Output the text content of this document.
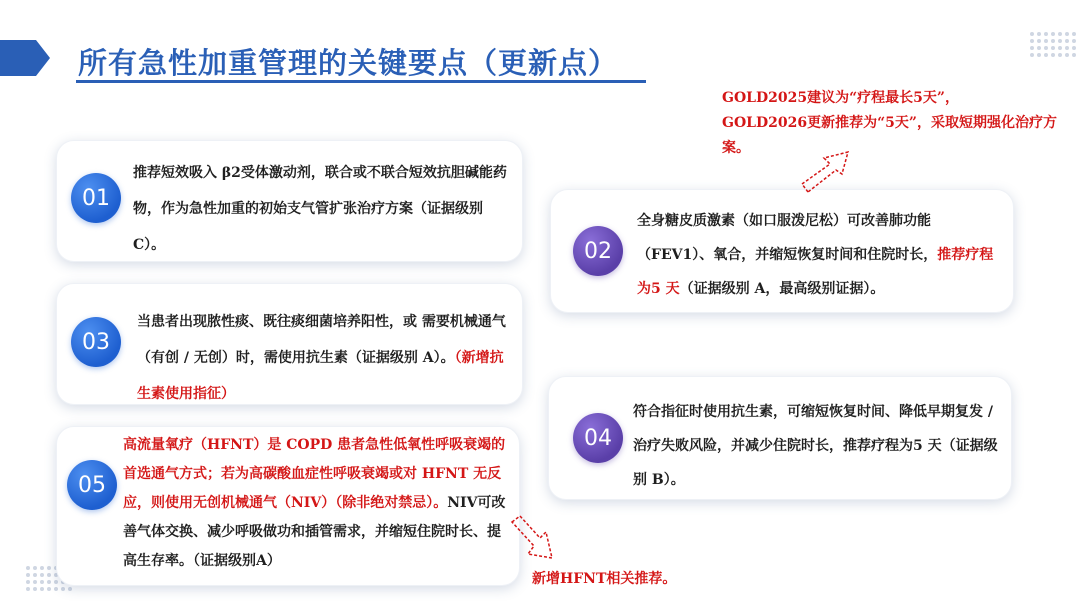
所有急性加重管理的关键要点（更新点）
01
推荐短效吸入 β2受体激动剂，联合或不联合短效抗胆碱能药物，作为急性加重的初始支气管扩张治疗方案（证据级别 C）。
03
当患者出现脓性痰、既往痰细菌培养阳性，或 需要机械通气（有创 / 无创）时，需使用抗生素（证据级别 A）。（新增抗生素使用指征）
05
高流量氧疗（HFNT）是 COPD 患者急性低氧性呼吸衰竭的首选通气方式；若为高碳酸血症性呼吸衰竭或对 HFNT 无反应，则使用无创机械通气（NIV）（除非绝对禁忌）。NIV可改善气体交换、减少呼吸做功和插管需求，并缩短住院时长、提高生存率。（证据级别A）
02
全身糖皮质激素（如口服泼尼松）可改善肺功能（FEV1）、氧合，并缩短恢复时间和住院时长，推荐疗程为5 天（证据级别 A，最高级别证据）。
04
符合指征时使用抗生素，可缩短恢复时间、降低早期复发 / 治疗失败风险，并减少住院时长，推荐疗程为5 天（证据级别 B）。
GOLD2025建议为“疗程最长5天”，
GOLD2026更新推荐为“5天”，采取短期强化治疗方案。
新增HFNT相关推荐。
